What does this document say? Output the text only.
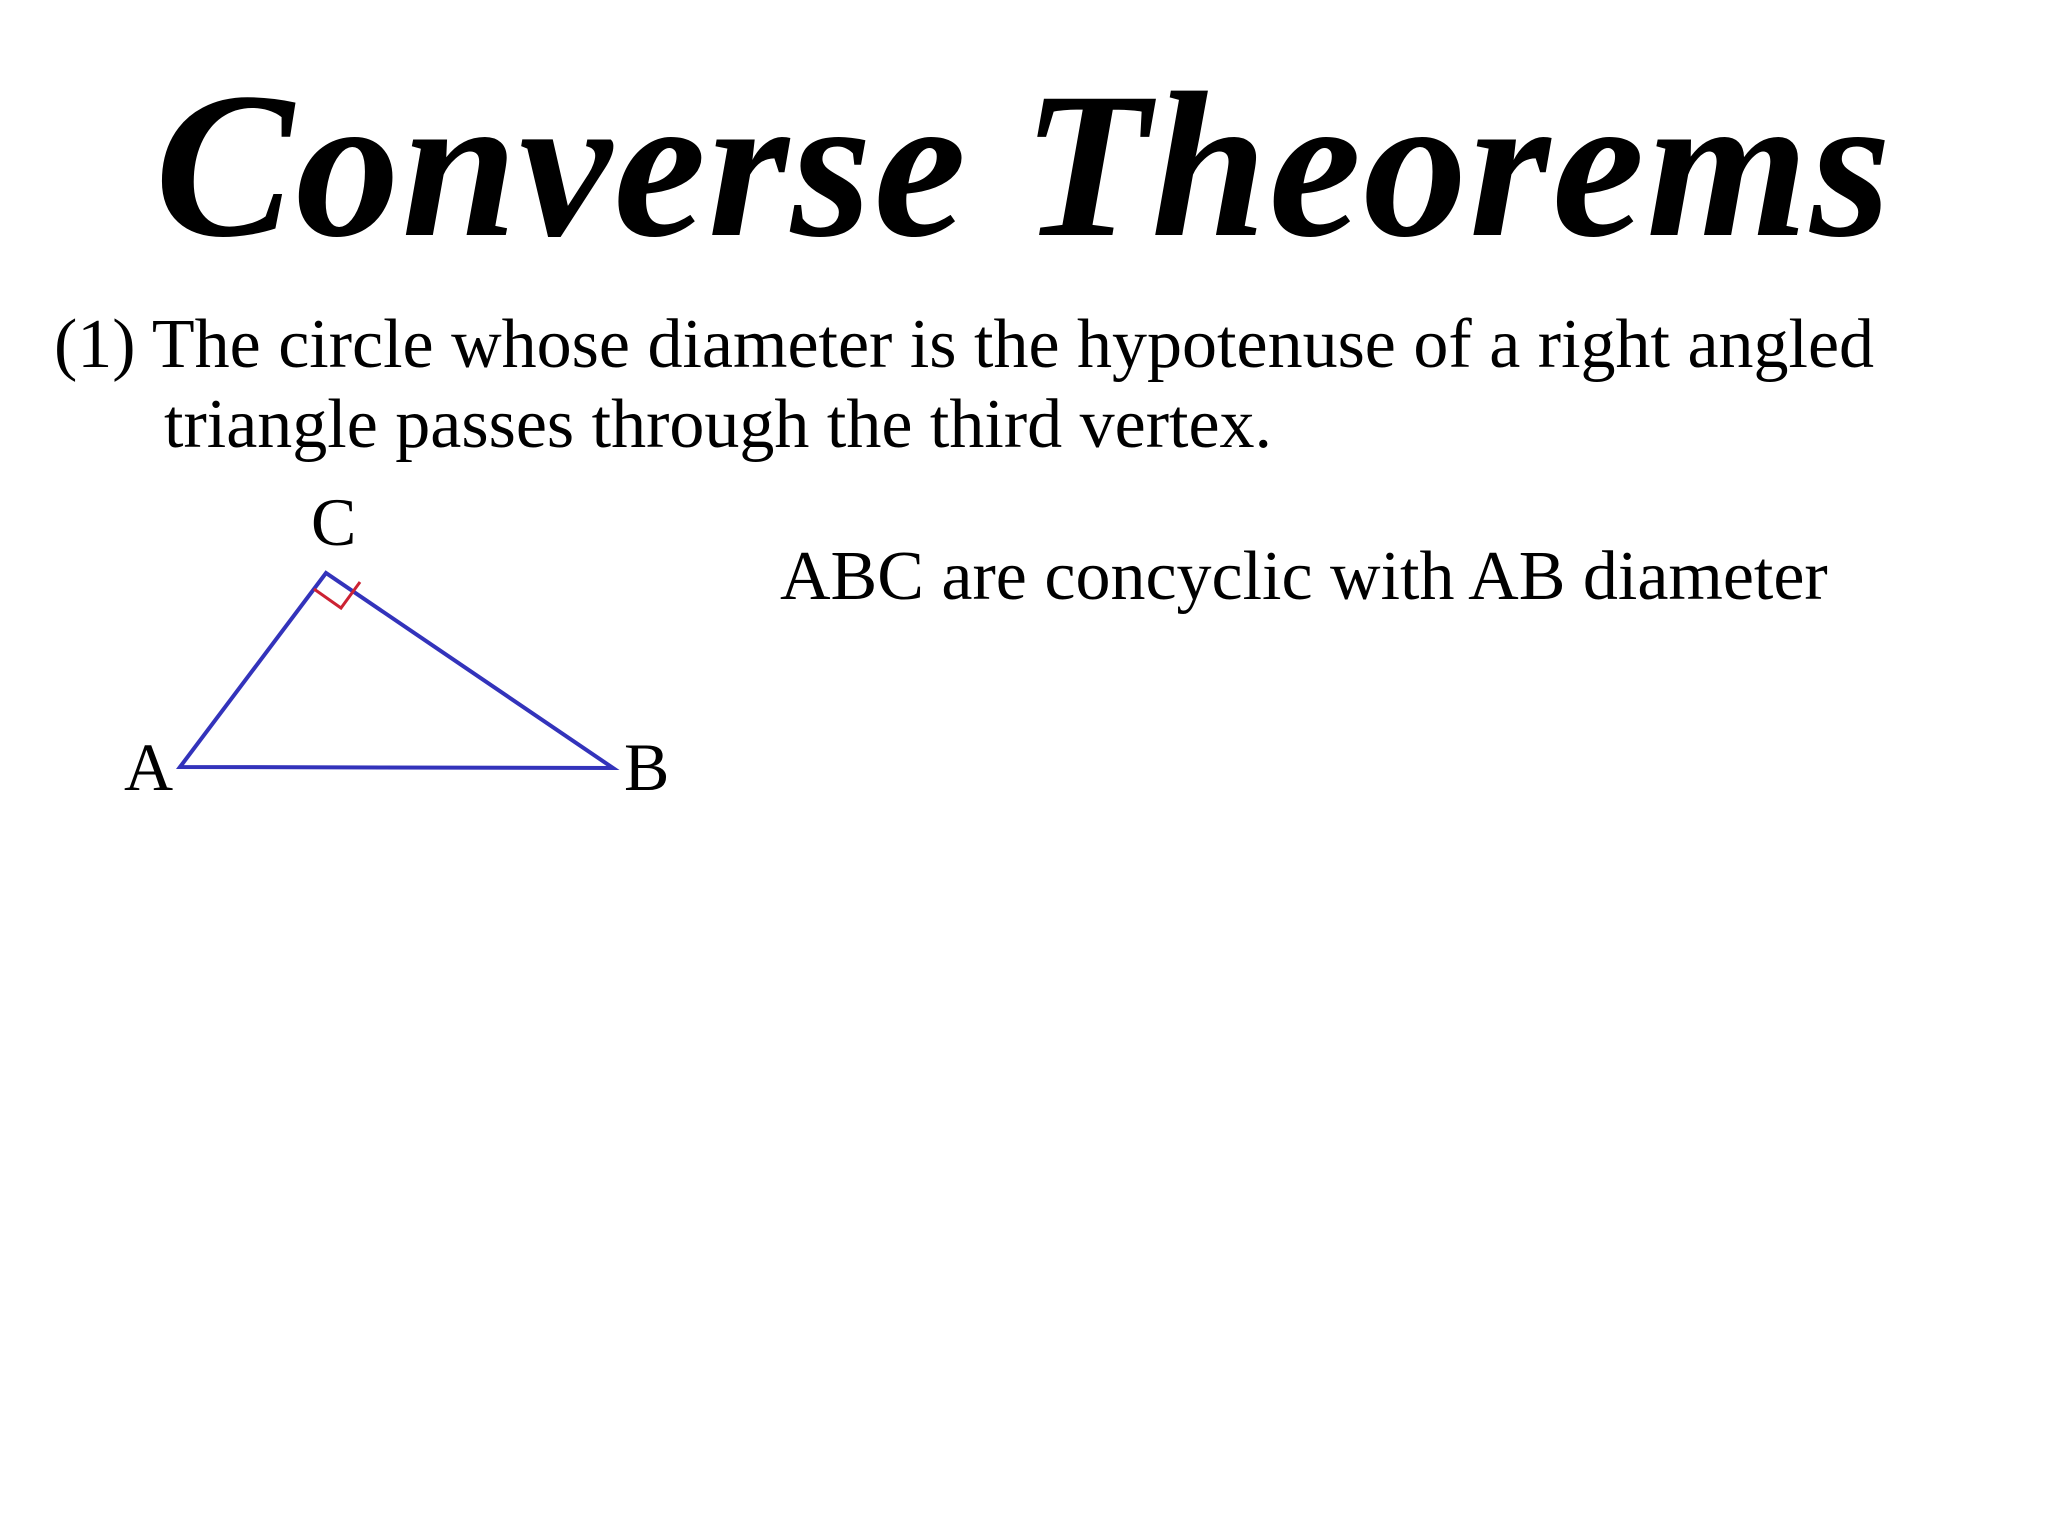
Converse Theorems

(1) The circle whose diameter is the hypotenuse of a right angled
triangle passes through the third vertex.

ABC are concyclic with AB diameter

C
A	B
